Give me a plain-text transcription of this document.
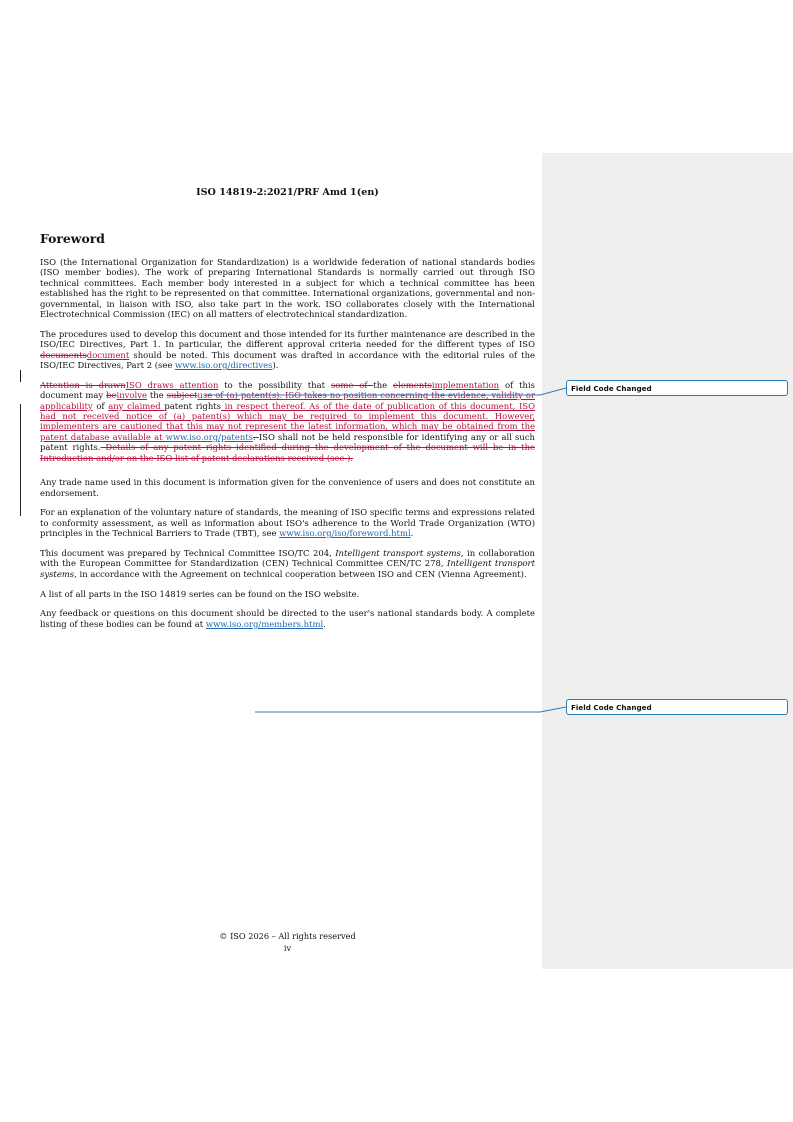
ISO 14819-2:2021/PRF Amd 1(en)
Foreword

ISO (the International Organization for Standardization) is a worldwide federation of national standards bodies (ISO member bodies). The work of preparing International Standards is normally carried out through ISO technical committees. Each member body interested in a subject for which a technical committee has been established has the right to be represented on that committee. International organizations, governmental and non-governmental, in liaison with ISO, also take part in the work. ISO collaborates closely with the International Electrotechnical Commission (IEC) on all matters of electrotechnical standardization.

The procedures used to develop this document and those intended for its further maintenance are described in the ISO/IEC Directives, Part 1. In particular, the different approval criteria needed for the different types of ISO documentsdocument should be noted. This document was drafted in accordance with the editorial rules of the ISO/IEC Directives, Part 2 (see www.iso.org/directives).

Attention is drawnISO draws attention to the possibility that some of the elementsimplementation of this document may beinvolve the subjectuse of (a) patent(s). ISO takes no position concerning the evidence, validity or applicability of any claimed patent rights in respect thereof. As of the date of publication of this document, ISO had not received notice of (a) patent(s) which may be required to implement this document. However, implementers are cautioned that this may not represent the latest information, which may be obtained from the patent database available at www.iso.org/patents. ISO shall not be held responsible for identifying any or all such patent rights. Details of any patent rights identified during the development of the document will be in the Introduction and/or on the ISO list of patent declarations received (see ).

Any trade name used in this document is information given for the convenience of users and does not constitute an endorsement.

For an explanation of the voluntary nature of standards, the meaning of ISO specific terms and expressions related to conformity assessment, as well as information about ISO's adherence to the World Trade Organization (WTO) principles in the Technical Barriers to Trade (TBT), see www.iso.org/iso/foreword.html.

This document was prepared by Technical Committee ISO/TC 204, Intelligent transport systems, in collaboration with the European Committee for Standardization (CEN) Technical Committee CEN/TC 278, Intelligent transport systems, in accordance with the Agreement on technical cooperation between ISO and CEN (Vienna Agreement).

A list of all parts in the ISO 14819 series can be found on the ISO website.

Any feedback or questions on this document should be directed to the user's national standards body. A complete listing of these bodies can be found at www.iso.org/members.html.

Field Code Changed
Field Code Changed
© ISO 2026 – All rights reserved
iv
